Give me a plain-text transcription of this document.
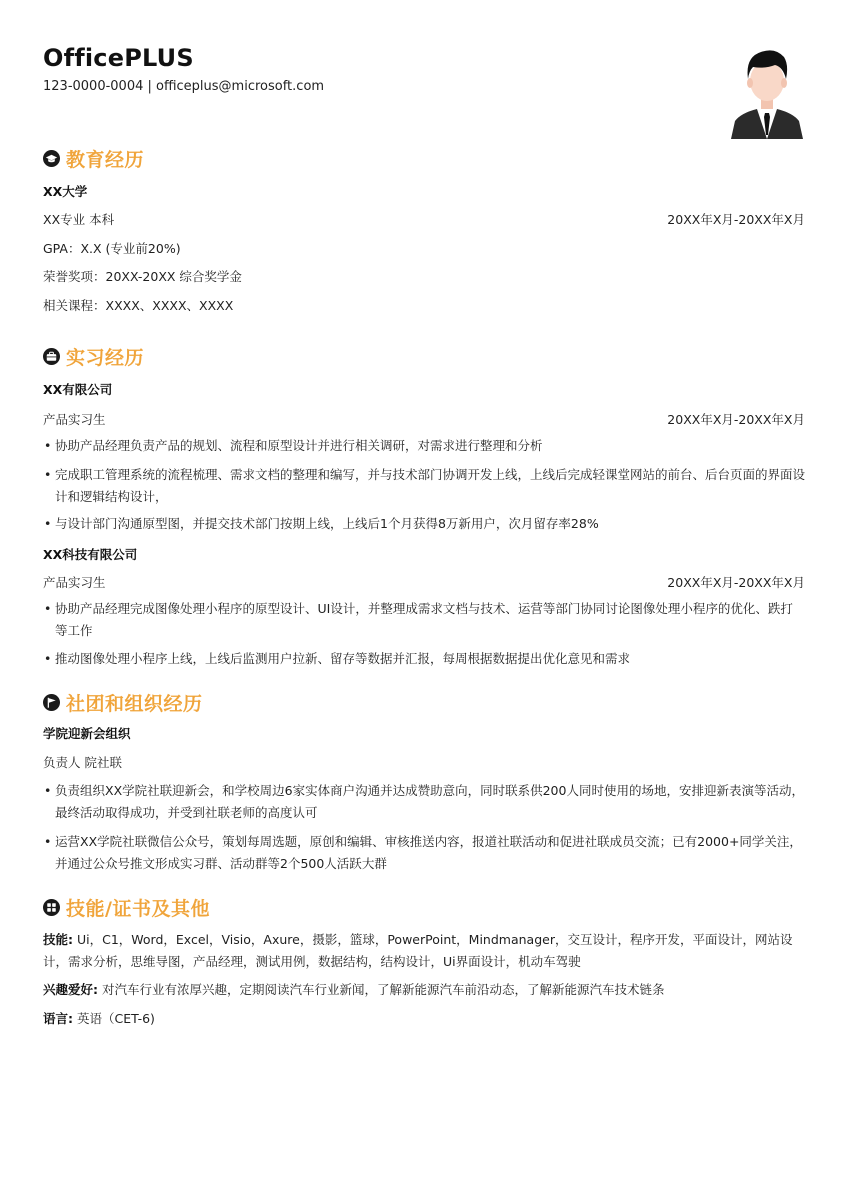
OfficePLUS
123-0000-0004 | officeplus@microsoft.com
教育经历
XX大学
XX专业 本科	20XX年X月-20XX年X月
GPA：X.X (专业前20%)
荣誉奖项：20XX-20XX 综合奖学金
相关课程：XXXX、XXXX、XXXX
实习经历
XX有限公司
产品实习生	20XX年X月-20XX年X月
• 协助产品经理负责产品的规划、流程和原型设计并进行相关调研，对需求进行整理和分析
• 完成职工管理系统的流程梳理、需求文档的整理和编写，并与技术部门协调开发上线，上线后完成轻课堂网站的前台、后台页面的界面设计和逻辑结构设计，
• 与设计部门沟通原型图，并提交技术部门按期上线，上线后1个月获得8万新用户，次月留存率28%
XX科技有限公司
产品实习生	20XX年X月-20XX年X月
• 协助产品经理完成图像处理小程序的原型设计、UI设计，并整理成需求文档与技术、运营等部门协同讨论图像处理小程序的优化、跌打等工作
• 推动图像处理小程序上线，上线后监测用户拉新、留存等数据并汇报，每周根据数据提出优化意见和需求
社团和组织经历
学院迎新会组织
负责人 院社联
• 负责组织XX学院社联迎新会，和学校周边6家实体商户沟通并达成赞助意向，同时联系供200人同时使用的场地，安排迎新表演等活动，最终活动取得成功，并受到社联老师的高度认可
• 运营XX学院社联微信公众号，策划每周选题，原创和编辑、审核推送内容，报道社联活动和促进社联成员交流；已有2000+同学关注，并通过公众号推文形成实习群、活动群等2个500人活跃大群
技能/证书及其他
技能: Ui，C1，Word，Excel，Visio，Axure，摄影，篮球，PowerPoint，Mindmanager，交互设计，程序开发，平面设计，网站设计，需求分析，思维导图，产品经理，测试用例，数据结构，结构设计，Ui界面设计，机动车驾驶
兴趣爱好: 对汽车行业有浓厚兴趣，定期阅读汽车行业新闻，了解新能源汽车前沿动态，了解新能源汽车技术链条
语言: 英语（CET-6)
